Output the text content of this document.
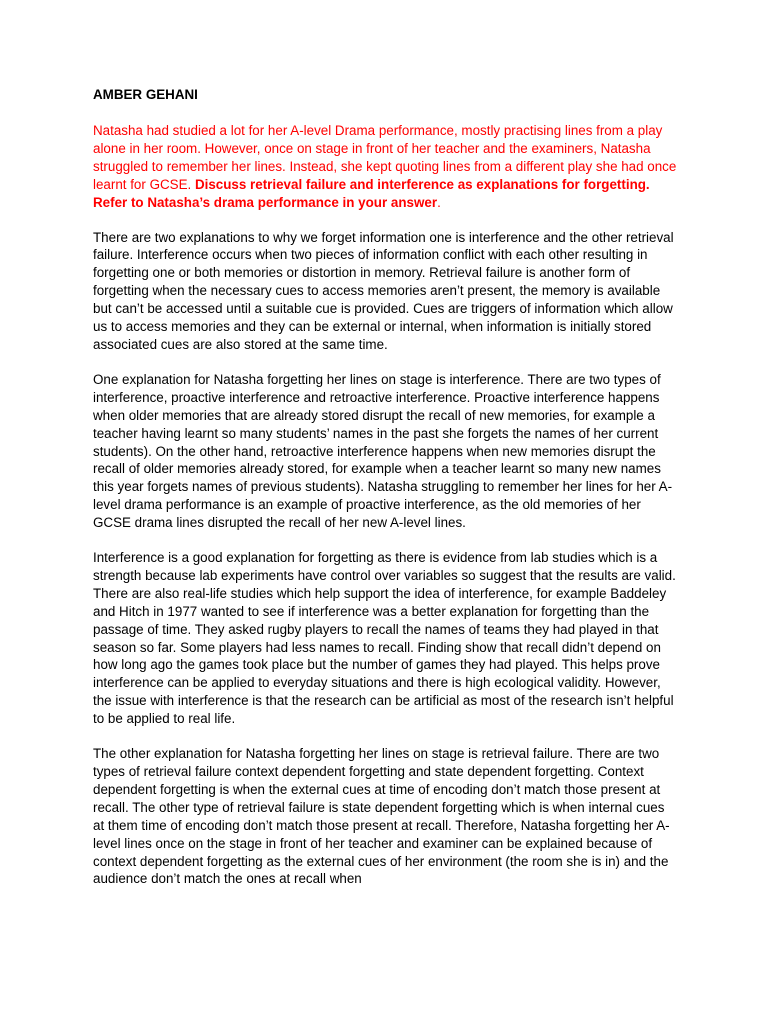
AMBER GEHANI

Natasha had studied a lot for her A-level Drama performance, mostly practising lines from a play alone in her room. However, once on stage in front of her teacher and the examiners, Natasha struggled to remember her lines. Instead, she kept quoting lines from a different play she had once learnt for GCSE. Discuss retrieval failure and interference as explanations for forgetting. Refer to Natasha’s drama performance in your answer.

There are two explanations to why we forget information one is interference and the other retrieval failure. Interference occurs when two pieces of information conflict with each other resulting in forgetting one or both memories or distortion in memory. Retrieval failure is another form of forgetting when the necessary cues to access memories aren’t present, the memory is available but can’t be accessed until a suitable cue is provided. Cues are triggers of information which allow us to access memories and they can be external or internal, when information is initially stored associated cues are also stored at the same time.

One explanation for Natasha forgetting her lines on stage is interference. There are two types of interference, proactive interference and retroactive interference. Proactive interference happens when older memories that are already stored disrupt the recall of new memories, for example a teacher having learnt so many students’ names in the past she forgets the names of her current students). On the other hand, retroactive interference happens when new memories disrupt the recall of older memories already stored, for example when a teacher learnt so many new names this year forgets names of previous students). Natasha struggling to remember her lines for her A-level drama performance is an example of proactive interference, as the old memories of her GCSE drama lines disrupted the recall of her new A-level lines.

Interference is a good explanation for forgetting as there is evidence from lab studies which is a strength because lab experiments have control over variables so suggest that the results are valid. There are also real-life studies which help support the idea of interference, for example Baddeley and Hitch in 1977 wanted to see if interference was a better explanation for forgetting than the passage of time. They asked rugby players to recall the names of teams they had played in that season so far. Some players had less names to recall. Finding show that recall didn’t depend on how long ago the games took place but the number of games they had played. This helps prove interference can be applied to everyday situations and there is high ecological validity. However, the issue with interference is that the research can be artificial as most of the research isn’t helpful to be applied to real life.

The other explanation for Natasha forgetting her lines on stage is retrieval failure. There are two types of retrieval failure context dependent forgetting and state dependent forgetting. Context dependent forgetting is when the external cues at time of encoding don’t match those present at recall. The other type of retrieval failure is state dependent forgetting which is when internal cues at them time of encoding don’t match those present at recall. Therefore, Natasha forgetting her A-level lines once on the stage in front of her teacher and examiner can be explained because of context dependent forgetting as the external cues of her environment (the room she is in) and the audience don’t match the ones at recall when
